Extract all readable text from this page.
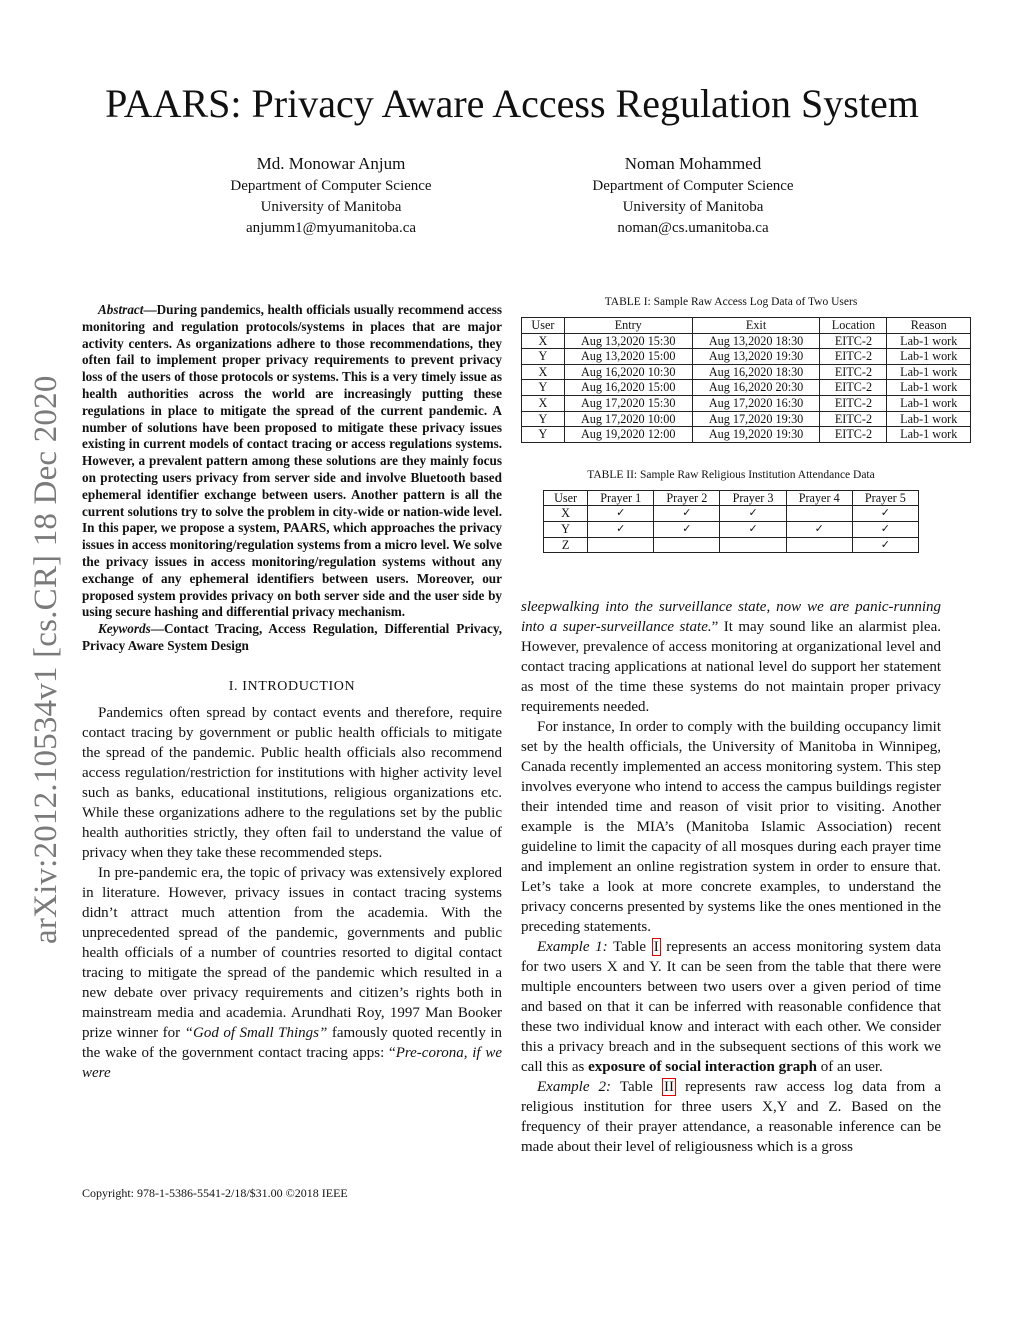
arXiv:2012.10534v1 [cs.CR] 18 Dec 2020
PAARS: Privacy Aware Access Regulation System
Md. Monowar Anjum
Department of Computer Science
University of Manitoba
anjumm1@myumanitoba.ca
Noman Mohammed
Department of Computer Science
University of Manitoba
noman@cs.umanitoba.ca

Abstract—During pandemics, health officials usually recommend access monitoring and regulation protocols/systems in places that are major activity centers. As organizations adhere to those recommendations, they often fail to implement proper privacy requirements to prevent privacy loss of the users of those protocols or systems. This is a very timely issue as health authorities across the world are increasingly putting these regulations in place to mitigate the spread of the current pandemic. A number of solutions have been proposed to mitigate these privacy issues existing in current models of contact tracing or access regulations systems. However, a prevalent pattern among these solutions are they mainly focus on protecting users privacy from server side and involve Bluetooth based ephemeral identifier exchange between users. Another pattern is all the current solutions try to solve the problem in city-wide or nation-wide level. In this paper, we propose a system, PAARS, which approaches the privacy issues in access monitoring/regulation systems from a micro level. We solve the privacy issues in access monitoring/regulation systems without any exchange of any ephemeral identifiers between users. Moreover, our proposed system provides privacy on both server side and the user side by using secure hashing and differential privacy mechanism.

Keywords—Contact Tracing, Access Regulation, Differential Privacy, Privacy Aware System Design

I. INTRODUCTION

Pandemics often spread by contact events and therefore, require contact tracing by government or public health officials to mitigate the spread of the pandemic. Public health officials also recommend access regulation/restriction for institutions with higher activity level such as banks, educational institutions, religious organizations etc. While these organizations adhere to the regulations set by the public health authorities strictly, they often fail to understand the value of privacy when they take these recommended steps.

In pre-pandemic era, the topic of privacy was extensively explored in literature. However, privacy issues in contact tracing systems didn’t attract much attention from the academia. With the unprecedented spread of the pandemic, governments and public health officials of a number of countries resorted to digital contact tracing to mitigate the spread of the pandemic which resulted in a new debate over privacy requirements and citizen’s rights both in mainstream media and academia. Arundhati Roy, 1997 Man Booker prize winner for “God of Small Things” famously quoted recently in the wake of the government contact tracing apps: “Pre-corona, if we were

Copyright: 978-1-5386-5541-2/18/$31.00 ©2018 IEEE

TABLE I: Sample Raw Access Log Data of Two Users

User	Entry	Exit	Location	Reason
X	Aug 13,2020 15:30	Aug 13,2020 18:30	EITC-2	Lab-1 work
Y	Aug 13,2020 15:00	Aug 13,2020 19:30	EITC-2	Lab-1 work
X	Aug 16,2020 10:30	Aug 16,2020 18:30	EITC-2	Lab-1 work
Y	Aug 16,2020 15:00	Aug 16,2020 20:30	EITC-2	Lab-1 work
X	Aug 17,2020 15:30	Aug 17,2020 16:30	EITC-2	Lab-1 work
Y	Aug 17,2020 10:00	Aug 17,2020 19:30	EITC-2	Lab-1 work
Y	Aug 19,2020 12:00	Aug 19,2020 19:30	EITC-2	Lab-1 work

TABLE II: Sample Raw Religious Institution Attendance Data

User	Prayer 1	Prayer 2	Prayer 3	Prayer 4	Prayer 5
X	✓	✓	✓		✓
Y	✓	✓	✓	✓	✓
Z					✓

sleepwalking into the surveillance state, now we are panic-running into a super-surveillance state.” It may sound like an alarmist plea. However, prevalence of access monitoring at organizational level and contact tracing applications at national level do support her statement as most of the time these systems do not maintain proper privacy requirements needed.

For instance, In order to comply with the building occupancy limit set by the health officials, the University of Manitoba in Winnipeg, Canada recently implemented an access monitoring system. This step involves everyone who intend to access the campus buildings register their intended time and reason of visit prior to visiting. Another example is the MIA’s (Manitoba Islamic Association) recent guideline to limit the capacity of all mosques during each prayer time and implement an online registration system in order to ensure that. Let’s take a look at more concrete examples, to understand the privacy concerns presented by systems like the ones mentioned in the preceding statements.

Example 1: Table I represents an access monitoring system data for two users X and Y. It can be seen from the table that there were multiple encounters between two users over a given period of time and based on that it can be inferred with reasonable confidence that these two individual know and interact with each other. We consider this a privacy breach and in the subsequent sections of this work we call this as exposure of social interaction graph of an user.

Example 2: Table II represents raw access log data from a religious institution for three users X,Y and Z. Based on the frequency of their prayer attendance, a reasonable inference can be made about their level of religiousness which is a gross
